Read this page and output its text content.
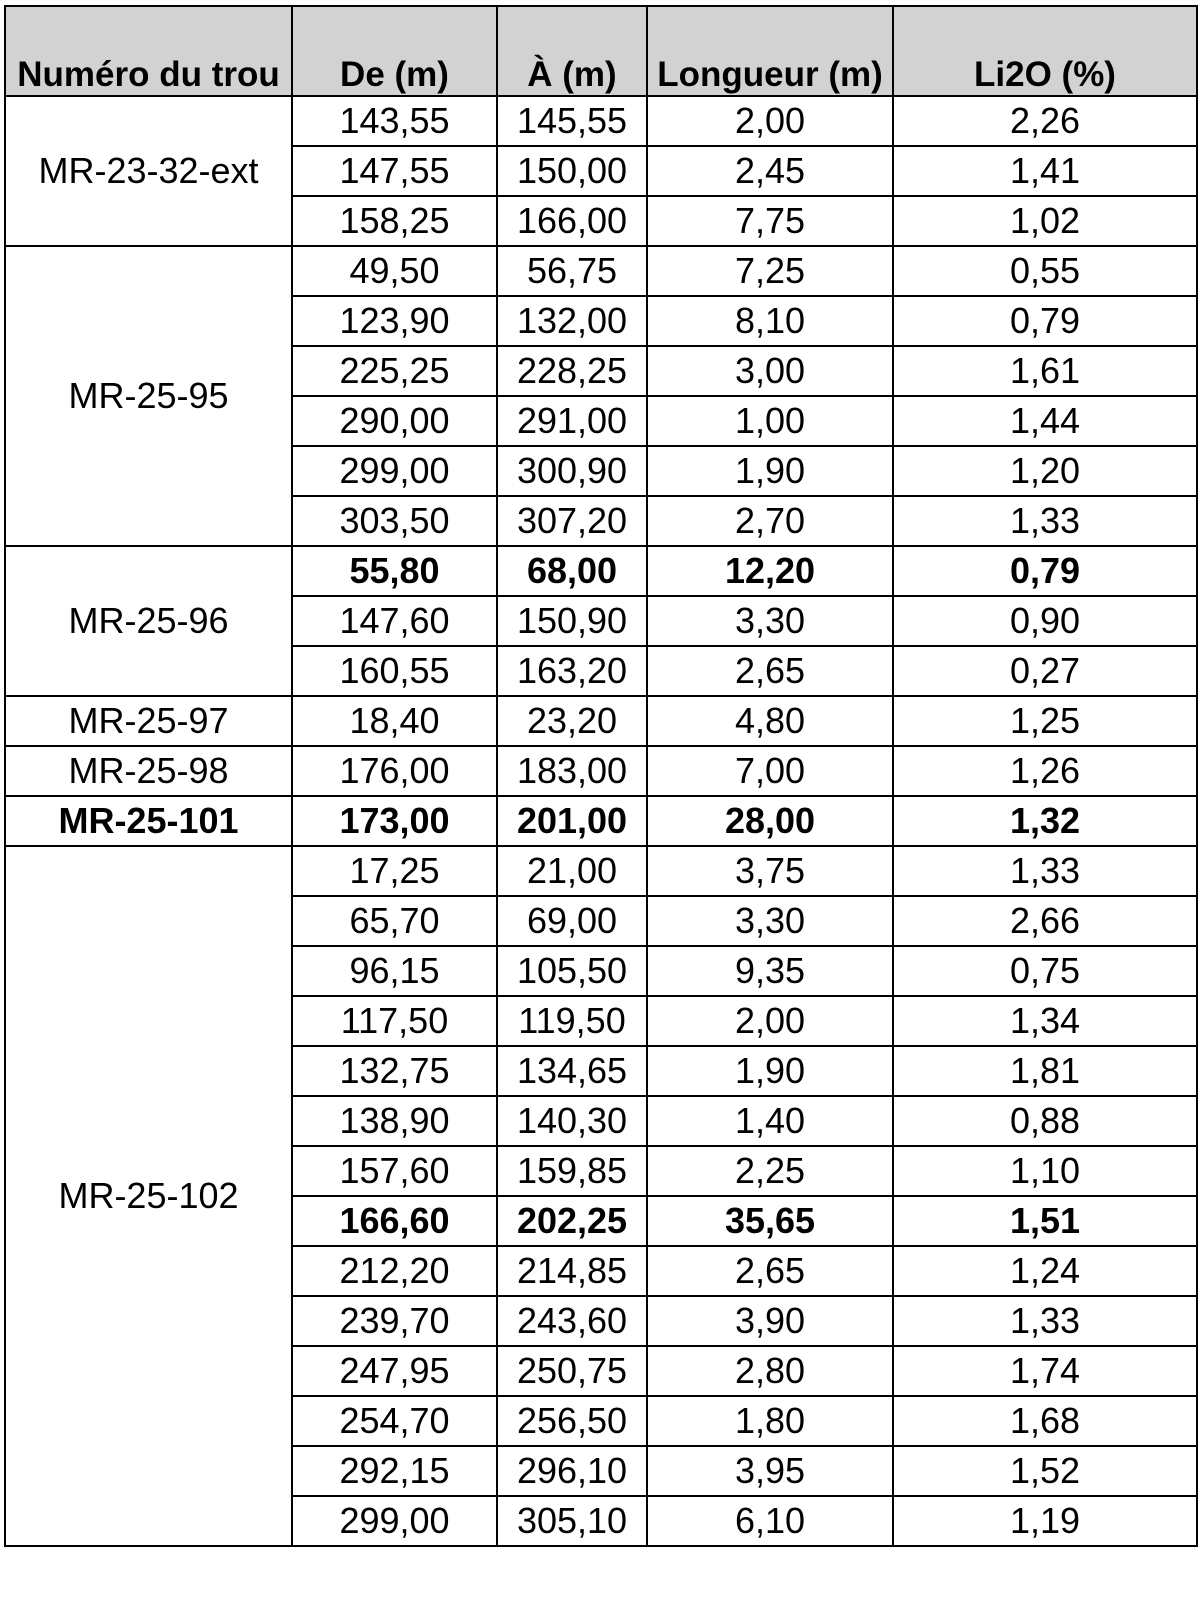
Numéro du trou	De (m)	À (m)	Longueur (m)	Li2O (%)
MR-23-32-ext	143,55	145,55	2,00	2,26
	147,55	150,00	2,45	1,41
	158,25	166,00	7,75	1,02
MR-25-95	49,50	56,75	7,25	0,55
	123,90	132,00	8,10	0,79
	225,25	228,25	3,00	1,61
	290,00	291,00	1,00	1,44
	299,00	300,90	1,90	1,20
	303,50	307,20	2,70	1,33
MR-25-96	55,80	68,00	12,20	0,79
	147,60	150,90	3,30	0,90
	160,55	163,20	2,65	0,27
MR-25-97	18,40	23,20	4,80	1,25
MR-25-98	176,00	183,00	7,00	1,26
MR-25-101	173,00	201,00	28,00	1,32
MR-25-102	17,25	21,00	3,75	1,33
	65,70	69,00	3,30	2,66
	96,15	105,50	9,35	0,75
	117,50	119,50	2,00	1,34
	132,75	134,65	1,90	1,81
	138,90	140,30	1,40	0,88
	157,60	159,85	2,25	1,10
	166,60	202,25	35,65	1,51
	212,20	214,85	2,65	1,24
	239,70	243,60	3,90	1,33
	247,95	250,75	2,80	1,74
	254,70	256,50	1,80	1,68
	292,15	296,10	3,95	1,52
	299,00	305,10	6,10	1,19
